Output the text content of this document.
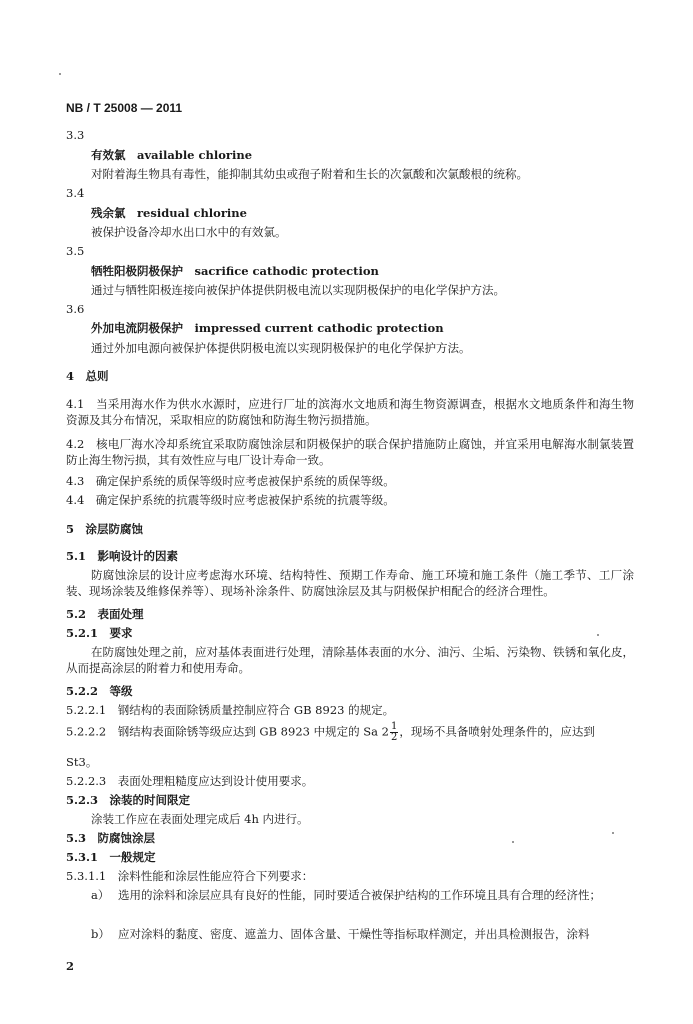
NB / T 25008 — 2011
3.3
有效氯　 available chlorine
对附着海生物具有毒性，能抑制其幼虫或孢子附着和生长的次氯酸和次氯酸根的统称。
3.4
残余氯　 residual chlorine
被保护设备冷却水出口水中的有效氯。
3.5
牺牲阳极阴极保护　 sacrifice cathodic protection
通过与牺牲阳极连接向被保护体提供阴极电流以实现阴极保护的电化学保护方法。
3.6
外加电流阴极保护　 impressed current cathodic protection
通过外加电源向被保护体提供阴极电流以实现阴极保护的电化学保护方法。
4　总则
4.1　当采用海水作为供水水源时，应进行厂址的滨海水文地质和海生物资源调查，根据水文地质条件和海生物资源及其分布情况，采取相应的防腐蚀和防海生物污损措施。
4.2　核电厂海水冷却系统宜采取防腐蚀涂层和阴极保护的联合保护措施防止腐蚀，并宜采用电解海水制氯装置防止海生物污损，其有效性应与电厂设计寿命一致。
4.3　确定保护系统的质保等级时应考虑被保护系统的质保等级。
4.4　确定保护系统的抗震等级时应考虑被保护系统的抗震等级。
5　涂层防腐蚀
5.1　影响设计的因素
防腐蚀涂层的设计应考虑海水环境、结构特性、预期工作寿命、施工环境和施工条件（施工季节、工厂涂装、现场涂装及维修保养等）、现场补涂条件、防腐蚀涂层及其与阴极保护相配合的经济合理性。
5.2　表面处理
5.2.1　要求
在防腐蚀处理之前，应对基体表面进行处理，清除基体表面的水分、油污、尘垢、污染物、铁锈和氧化皮，从而提高涂层的附着力和使用寿命。
5.2.2　等级
5.2.2.1　钢结构的表面除锈质量控制应符合 GB 8923 的规定。
5.2.2.2　钢结构表面除锈等级应达到 GB 8923 中规定的 Sa $2 \frac{1}{2}$ ，现场不具备喷射处理条件的，应达到
St3。
5.2.2.3　表面处理粗糙度应达到设计使用要求。
5.2.3　涂装的时间限定
涂装工作应在表面处理完成后 4h 内进行。
5.3　防腐蚀涂层
5.3.1　一般规定
5.3.1.1　涂料性能和涂层性能应符合下列要求：
a） 选用的涂料和涂层应具有良好的性能，同时要适合被保护结构的工作环境且具有合理的经济性；
b） 应对涂料的黏度、密度、遮盖力、固体含量、干燥性等指标取样测定，并出具检测报告，涂料
2
